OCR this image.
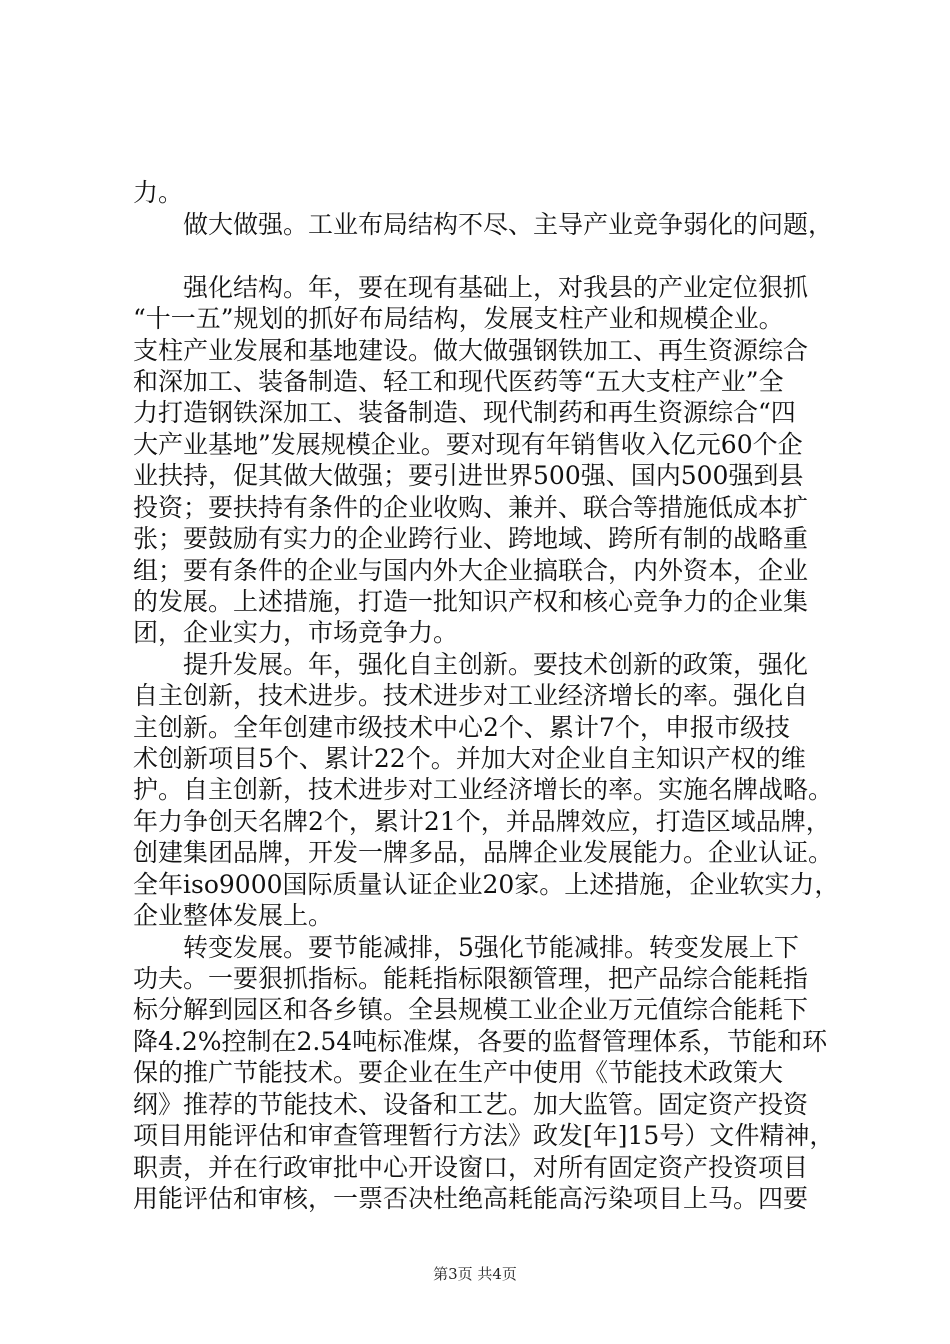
力。
　　做大做强。工业布局结构不尽、主导产业竞争弱化的问题，
　　强化结构。年，要在现有基础上，对我县的产业定位狠抓
“十一五”规划的抓好布局结构，发展支柱产业和规模企业。
支柱产业发展和基地建设。做大做强钢铁加工、再生资源综合
和深加工、装备制造、轻工和现代医药等“五大支柱产业”全
力打造钢铁深加工、装备制造、现代制药和再生资源综合“四
大产业基地”发展规模企业。要对现有年销售收入亿元60个企
业扶持，促其做大做强；要引进世界500强、国内500强到县
投资；要扶持有条件的企业收购、兼并、联合等措施低成本扩
张；要鼓励有实力的企业跨行业、跨地域、跨所有制的战略重
组；要有条件的企业与国内外大企业搞联合，内外资本，企业
的发展。上述措施，打造一批知识产权和核心竞争力的企业集
团，企业实力，市场竞争力。
　　提升发展。年，强化自主创新。要技术创新的政策，强化
自主创新，技术进步。技术进步对工业经济增长的率。强化自
主创新。全年创建市级技术中心2个、累计7个，申报市级技
术创新项目5个、累计22个。并加大对企业自主知识产权的维
护。自主创新，技术进步对工业经济增长的率。实施名牌战略。
年力争创天名牌2个，累计21个，并品牌效应，打造区域品牌，
创建集团品牌，开发一牌多品，品牌企业发展能力。企业认证。
全年iso9000国际质量认证企业20家。上述措施，企业软实力，
企业整体发展上。
　　转变发展。要节能减排，5强化节能减排。转变发展上下
功夫。一要狠抓指标。能耗指标限额管理，把产品综合能耗指
标分解到园区和各乡镇。全县规模工业企业万元值综合能耗下
降4.2%控制在2.54吨标准煤，各要的监督管理体系，节能和环
保的推广节能技术。要企业在生产中使用《节能技术政策大
纲》推荐的节能技术、设备和工艺。加大监管。固定资产投资
项目用能评估和审查管理暂行方法》政发[年]15号）文件精神，
职责，并在行政审批中心开设窗口，对所有固定资产投资项目
用能评估和审核，一票否决杜绝高耗能高污染项目上马。四要
第3页 共4页
